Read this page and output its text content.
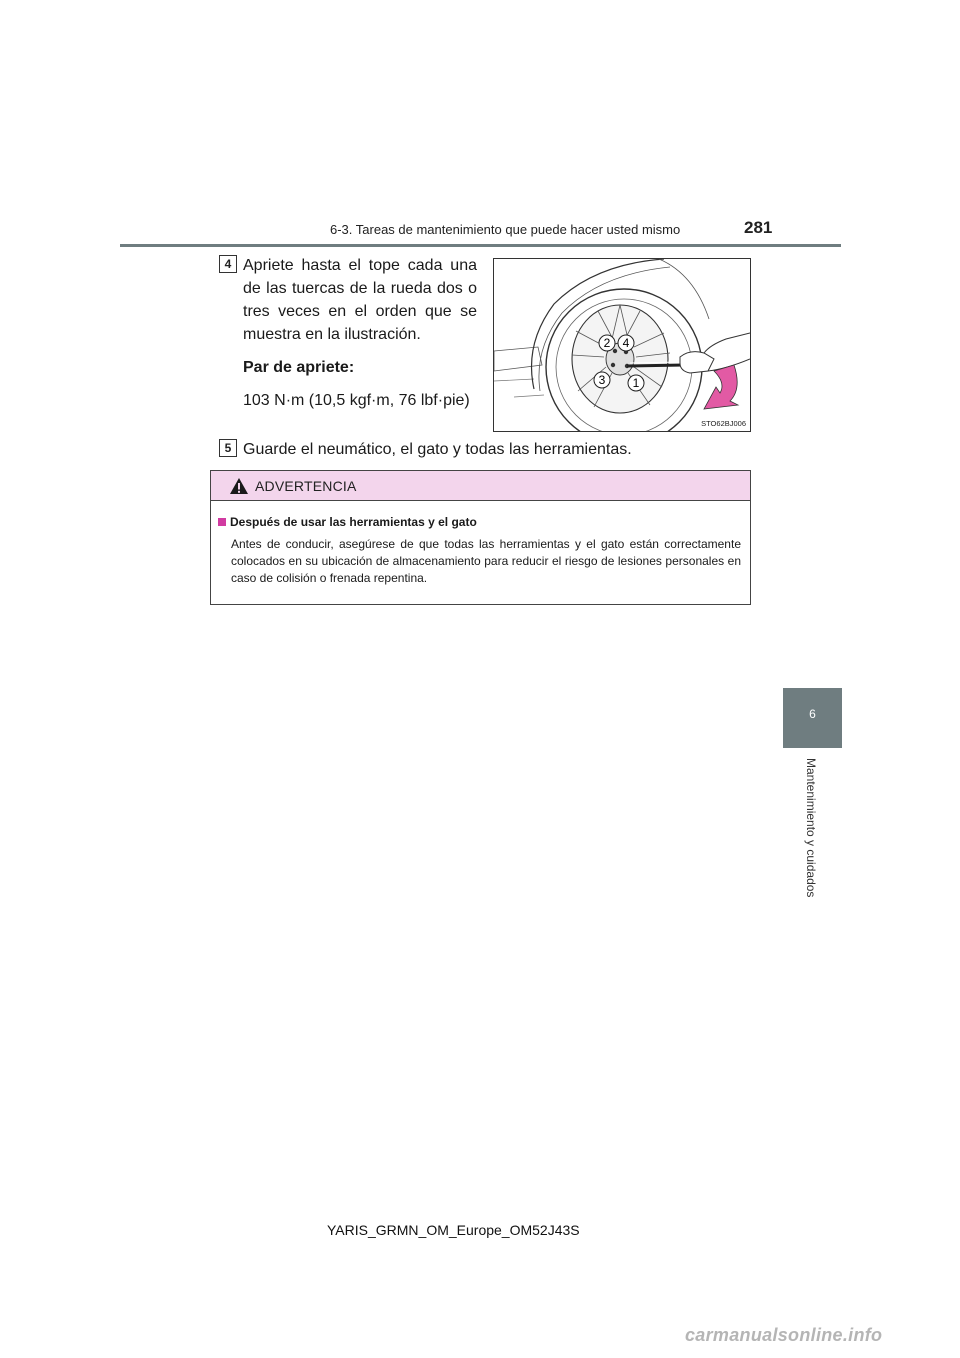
6-3. Tareas de mantenimiento que puede hacer usted mismo	281
6
Mantenimiento y cuidados
4 Apriete hasta el tope cada una de las tuercas de la rueda dos o tres veces en el orden que se muestra en la ilustración.

Par de apriete:

103 N·m (10,5 kgf·m, 76 lbf·pie)

2 4
3 1
STO62BJ006
5 Guarde el neumático, el gato y todas las herramientas.
ADVERTENCIA
Después de usar las herramientas y el gato
Antes de conducir, asegúrese de que todas las herramientas y el gato están correctamente colocados en su ubicación de almacenamiento para reducir el riesgo de lesiones personales en caso de colisión o frenada repentina.
YARIS_GRMN_OM_Europe_OM52J43S
carmanualsonline.info
